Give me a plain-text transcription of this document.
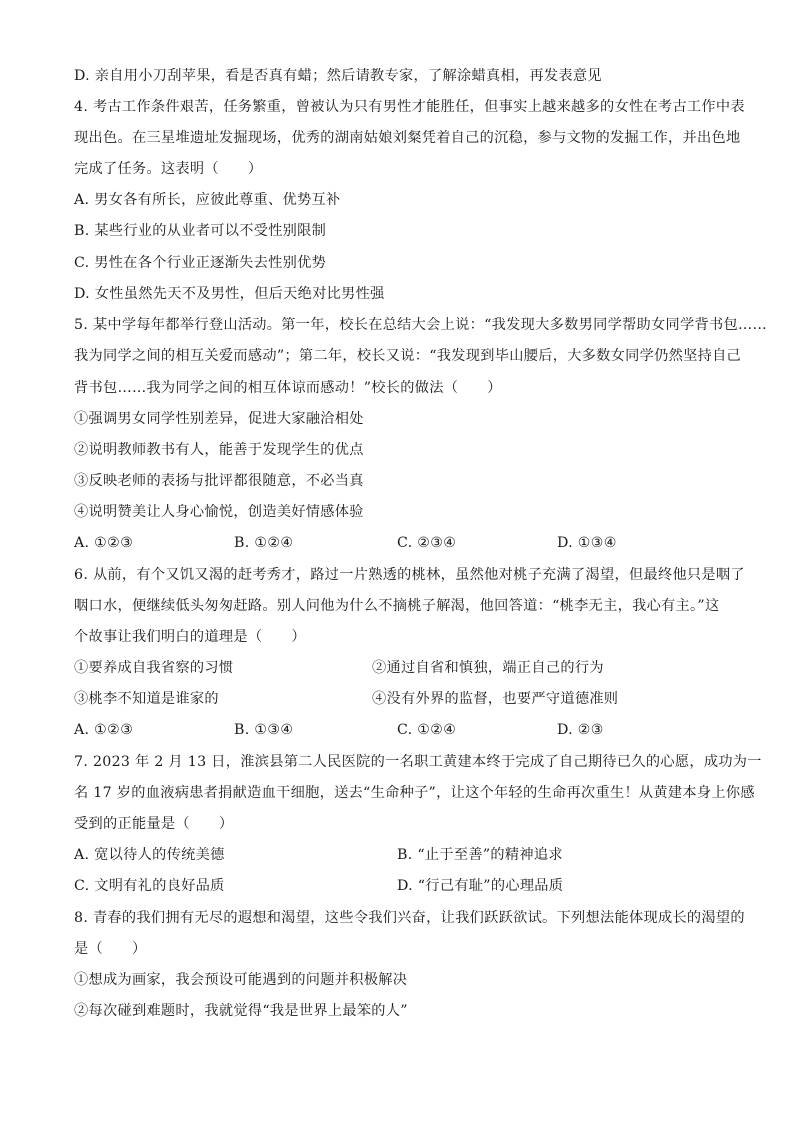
D. 亲自用小刀刮苹果，看是否真有蜡；然后请教专家，了解涂蜡真相，再发表意见
4. 考古工作条件艰苦，任务繁重，曾被认为只有男性才能胜任，但事实上越来越多的女性在考古工作中表
现出色。在三星堆遗址发掘现场，优秀的湖南姑娘刘粲凭着自己的沉稳，参与文物的发掘工作，并出色地
完成了任务。这表明（　　）
A. 男女各有所长，应彼此尊重、优势互补
B. 某些行业的从业者可以不受性别限制
C. 男性在各个行业正逐渐失去性别优势
D. 女性虽然先天不及男性，但后天绝对比男性强
5. 某中学每年都举行登山活动。第一年，校长在总结大会上说：“我发现大多数男同学帮助女同学背书包……
我为同学之间的相互关爱而感动”；第二年，校长又说：“我发现到毕山腰后，大多数女同学仍然坚持自己
背书包……我为同学之间的相互体谅而感动！”校长的做法（　　）
①强调男女同学性别差异，促进大家融洽相处
②说明教师教书有人，能善于发现学生的优点
③反映老师的表扬与批评都很随意，不必当真
④说明赞美让人身心愉悦，创造美好情感体验
A. ①②③	B. ①②④	C. ②③④	D. ①③④
6. 从前，有个又饥又渴的赶考秀才，路过一片熟透的桃林，虽然他对桃子充满了渴望，但最终他只是咽了
咽口水，便继续低头匆匆赶路。别人问他为什么不摘桃子解渴，他回答道：“桃李无主，我心有主。”这
个故事让我们明白的道理是（　　）
①要养成自我省察的习惯	②通过自省和慎独，端正自己的行为
③桃李不知道是谁家的	④没有外界的监督，也要严守道德准则
A. ①②③	B. ①③④	C. ①②④	D. ②③
7. 2023 年 2 月 13 日，淮滨县第二人民医院的一名职工黄建本终于完成了自己期待已久的心愿，成功为一
名 17 岁的血液病患者捐献造血干细胞，送去“生命种子”，让这个年轻的生命再次重生！从黄建本身上你感
受到的正能量是（　　）
A. 宽以待人的传统美德	B. “止于至善”的精神追求
C. 文明有礼的良好品质	D. “行己有耻”的心理品质
8. 青春的我们拥有无尽的遐想和渴望，这些令我们兴奋，让我们跃跃欲试。下列想法能体现成长的渴望的
是（　　）
①想成为画家，我会预设可能遇到的问题并积极解决
②每次碰到难题时，我就觉得“我是世界上最笨的人”
